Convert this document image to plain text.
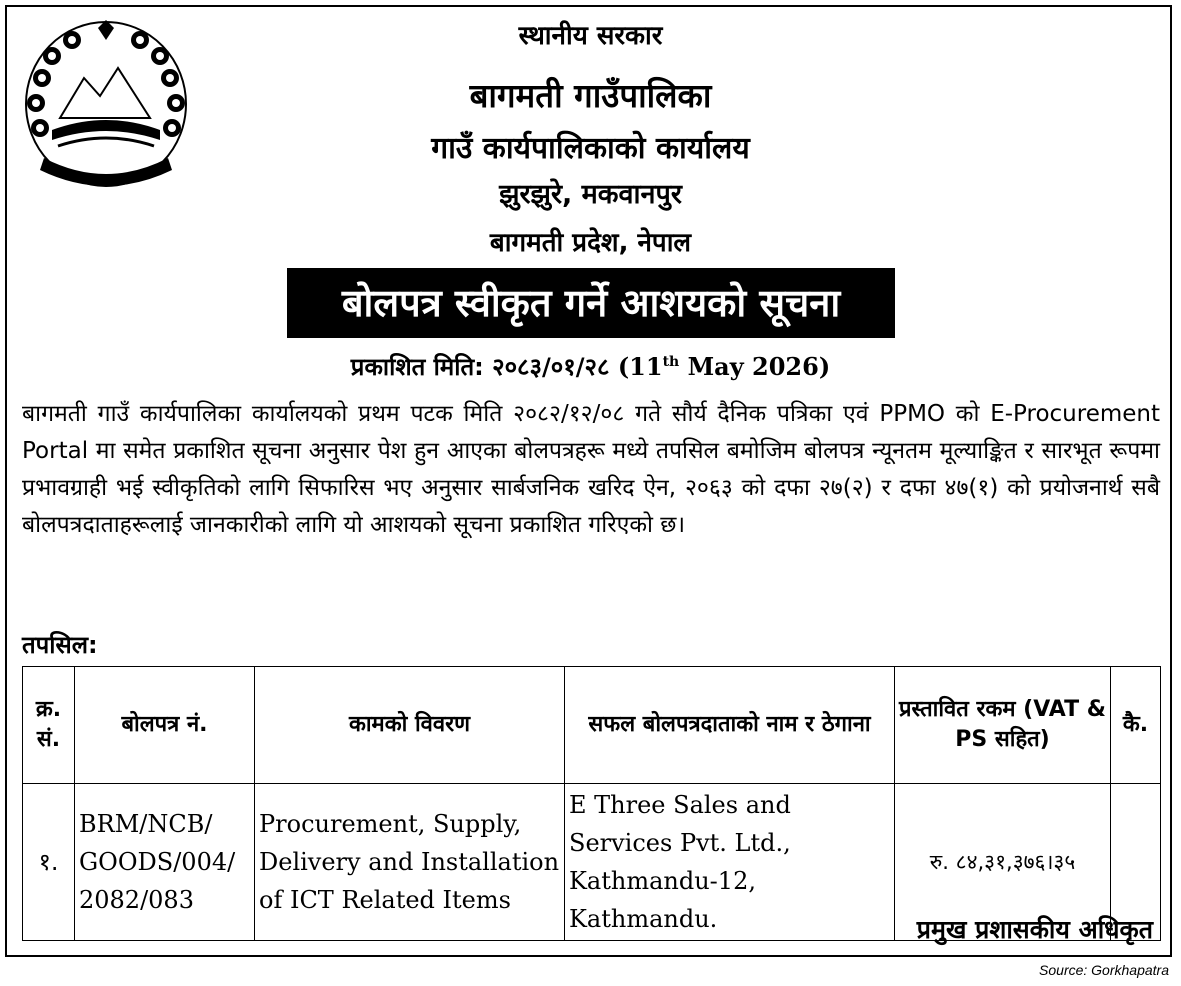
स्थानीय सरकार
बागमती गाउँपालिका
गाउँ कार्यपालिकाको कार्यालय
झुरझुरे, मकवानपुर
बागमती प्रदेश, नेपाल
बोलपत्र स्वीकृत गर्ने आशयको सूचना
प्रकाशित मिति: २०८३/०१/२८ (11th May 2026)
बागमती गाउँ कार्यपालिका कार्यालयको प्रथम पटक मिति २०८२/१२/०८ गते सौर्य दैनिक पत्रिका एवं PPMO को E-Procurement Portal मा समेत प्रकाशित सूचना अनुसार पेश हुन आएका बोलपत्रहरू मध्ये तपसिल बमोजिम बोलपत्र न्यूनतम मूल्याङ्कित र सारभूत रूपमा प्रभावग्राही भई स्वीकृतिको लागि सिफारिस भए अनुसार सार्बजनिक खरिद ऐन, २०६३ को दफा २७(२) र दफा ४७(१) को प्रयोजनार्थ सबै बोलपत्रदाताहरूलाई जानकारीको लागि यो आशयको सूचना प्रकाशित गरिएको छ।
तपसिल:
क्र. सं.	बोलपत्र नं.	कामको विवरण	सफल बोलपत्रदाताको नाम र ठेगाना	प्रस्तावित रकम (VAT & PS सहित)	कै.
१.	BRM/NCB/ GOODS/004/ 2082/083	Procurement, Supply, Delivery and Installation of ICT Related Items	E Three Sales and Services Pvt. Ltd., Kathmandu-12, Kathmandu.	रु. ८४,३१,३७६।३५	
प्रमुख प्रशासकीय अधिकृत
Source: Gorkhapatra
